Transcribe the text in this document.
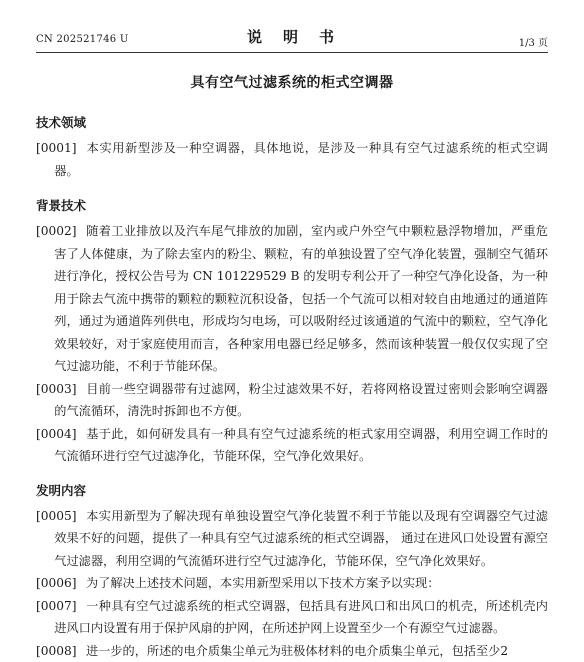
CN 202521746 U	说　明　书	1/3 页
具有空气过滤系统的柜式空调器
技术领域

[0001] 本实用新型涉及一种空调器，具体地说，是涉及一种具有空气过滤系统的柜式空调器。

背景技术

[0002] 随着工业排放以及汽车尾气排放的加剧，室内或户外空气中颗粒悬浮物增加，严重危害了人体健康，为了除去室内的粉尘、颗粒，有的单独设置了空气净化装置，强制空气循环进行净化，授权公告号为 CN 101229529 B 的发明专利公开了一种空气净化设备，为一种用于除去气流中携带的颗粒的颗粒沉积设备，包括一个气流可以相对较自由地通过的通道阵列，通过为通道阵列供电，形成均匀电场，可以吸附经过该通道的气流中的颗粒，空气净化效果较好，对于家庭使用而言，各种家用电器已经足够多，然而该种装置一般仅仅实现了空气过滤功能，不利于节能环保。

[0003] 目前一些空调器带有过滤网，粉尘过滤效果不好，若将网格设置过密则会影响空调器的气流循环，清洗时拆卸也不方便。

[0004] 基于此，如何研发具有一种具有空气过滤系统的柜式家用空调器，利用空调工作时的气流循环进行空气过滤净化，节能环保，空气净化效果好。

发明内容

[0005] 本实用新型为了解决现有单独设置空气净化装置不利于节能以及现有空调器空气过滤效果不好的问题，提供了一种具有空气过滤系统的柜式空调器， 通过在进风口处设置有源空气过滤器，利用空调的气流循环进行空气过滤净化，节能环保，空气净化效果好。

[0006] 为了解决上述技术问题，本实用新型采用以下技术方案予以实现：

[0007] 一种具有空气过滤系统的柜式空调器，包括具有进风口和出风口的机壳，所述机壳内进风口内设置有用于保护风扇的护网，在所述护网上设置至少一个有源空气过滤器。

[0008] 进一步的，所述的电介质集尘单元为驻极体材料的电介质集尘单元，包括至少2
